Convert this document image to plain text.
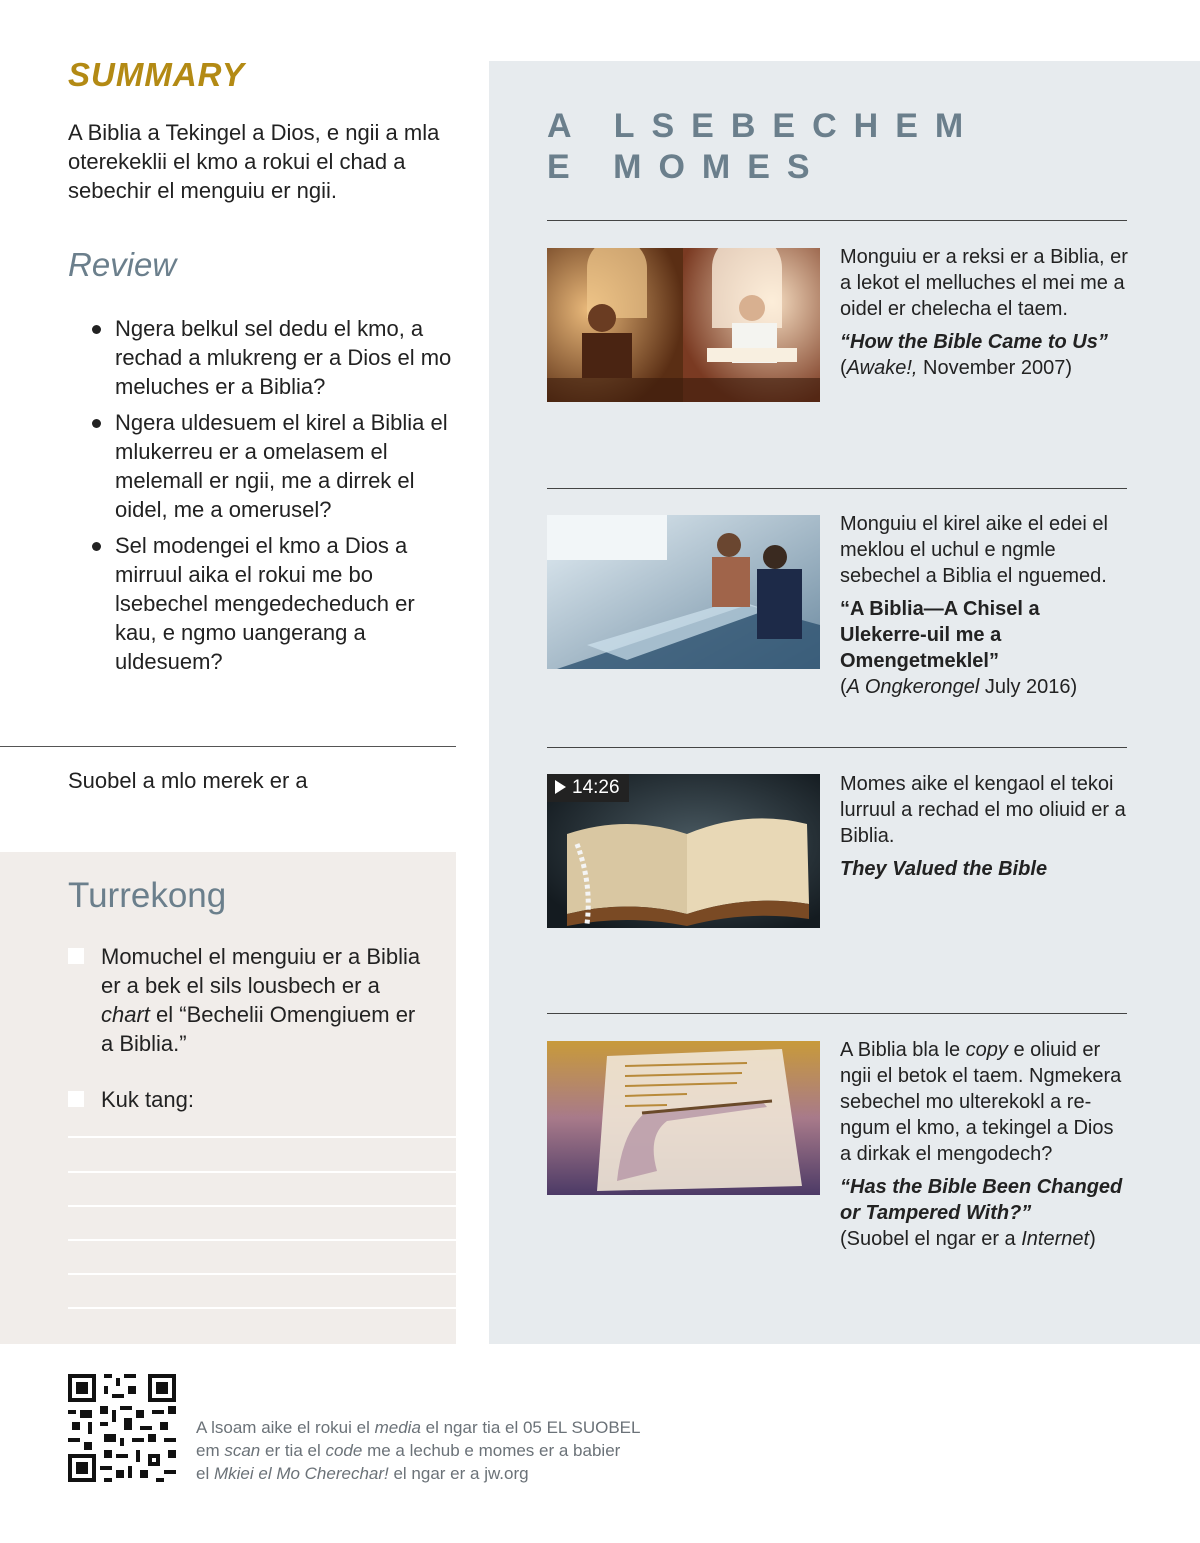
SUMMARY
A Biblia a Tekingel a Dios, e ngii a mla oterekeklii el kmo a rokui el chad a sebechir el menguiu er ngii.
Review
Ngera belkul sel dedu el kmo, a rechad a mlukreng er a Dios el mo meluches er a Biblia?
Ngera uldesuem el kirel a Biblia el mlukerreu er a omelasem el melemall er ngii, me a dirrek el oidel, me a omerusel?
Sel modengei el kmo a Dios a mirruul aika el rokui me bo lsebechel mengedecheduch er kau, e ngmo uangerang a uldesuem?
Suobel a mlo merek er a
Turrekong
Momuchel el menguiu er a Biblia er a bek el sils lousbech er a chart el “Bechelii Omengiuem er a Biblia.”
Kuk tang:
A LSEBECHEM
E MOMES
Monguiu er a reksi er a Biblia, er a lekot el melluches el mei me a oidel er chelecha el taem.
“How the Bible Came to Us”
(Awake!, November 2007)
Monguiu el kirel aike el edei el meklou el uchul e ngmle sebechel a Biblia el nguemed.
“A Biblia—A Chisel a Ulekerre-uil me a Omengetmeklel”
(A Ongkerongel July 2016)
14:26	Momes aike el kengaol el tekoi lurruul a rechad el mo oliuid er a Biblia.
They Valued the Bible
A Biblia bla le copy e oliuid er ngii el betok el taem. Ngmekera sebechel mo ulterekokl a re-ngum el kmo, a tekingel a Dios a dirkak el mengodech?
“Has the Bible Been Changed or Tampered With?”
(Suobel el ngar er a Internet)
A lsoam aike el rokui el media el ngar tia el 05 EL SUOBEL
em scan er tia el code me a lechub e momes er a babier
el Mkiei el Mo Cherechar! el ngar er a jw.org
